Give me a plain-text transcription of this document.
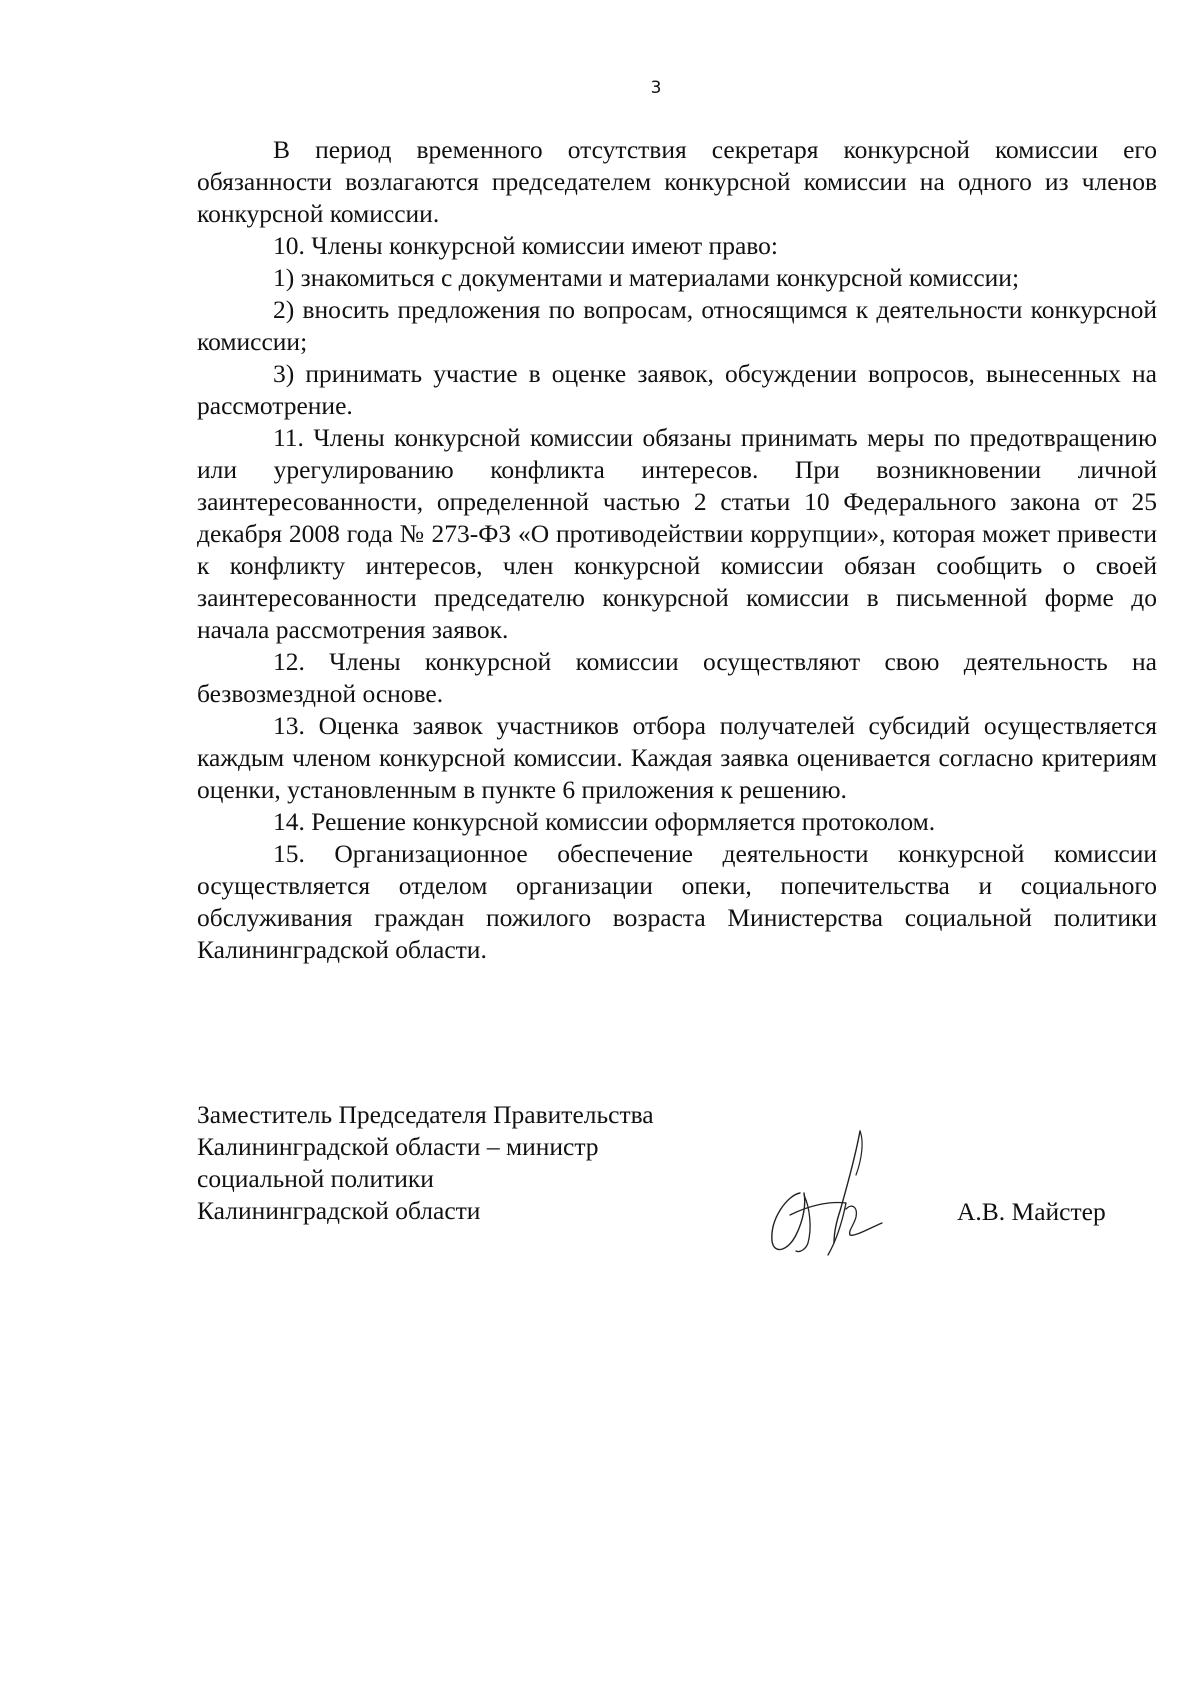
3

В период временного отсутствия секретаря конкурсной комиссии его обязанности возлагаются председателем конкурсной комиссии на одного из членов конкурсной комиссии.

10. Члены конкурсной комиссии имеют право:

1) знакомиться с документами и материалами конкурсной комиссии;

2) вносить предложения по вопросам, относящимся к деятельности конкурсной комиссии;

3) принимать участие в оценке заявок, обсуждении вопросов, вынесенных на рассмотрение.

11. Члены конкурсной комиссии обязаны принимать меры по предотвращению или урегулированию конфликта интересов. При возникновении личной заинтересованности, определенной частью 2 статьи 10 Федерального закона от 25 декабря 2008 года № 273-ФЗ «О противодействии коррупции», которая может привести к конфликту интересов, член конкурсной комиссии обязан сообщить о своей заинтересованности председателю конкурсной комиссии в письменной форме до начала рассмотрения заявок.

12. Члены конкурсной комиссии осуществляют свою деятельность на безвозмездной основе.

13. Оценка заявок участников отбора получателей субсидий осуществляется каждым членом конкурсной комиссии. Каждая заявка оценивается согласно критериям оценки, установленным в пункте 6 приложения к решению.

14. Решение конкурсной комиссии оформляется протоколом.

15. Организационное обеспечение деятельности конкурсной комиссии осуществляется отделом организации опеки, попечительства и социального обслуживания граждан пожилого возраста Министерства социальной политики Калининградской области.

Заместитель Председателя Правительства
Калининградской области – министр
социальной политики
Калининградской области	А.В. Майстер
